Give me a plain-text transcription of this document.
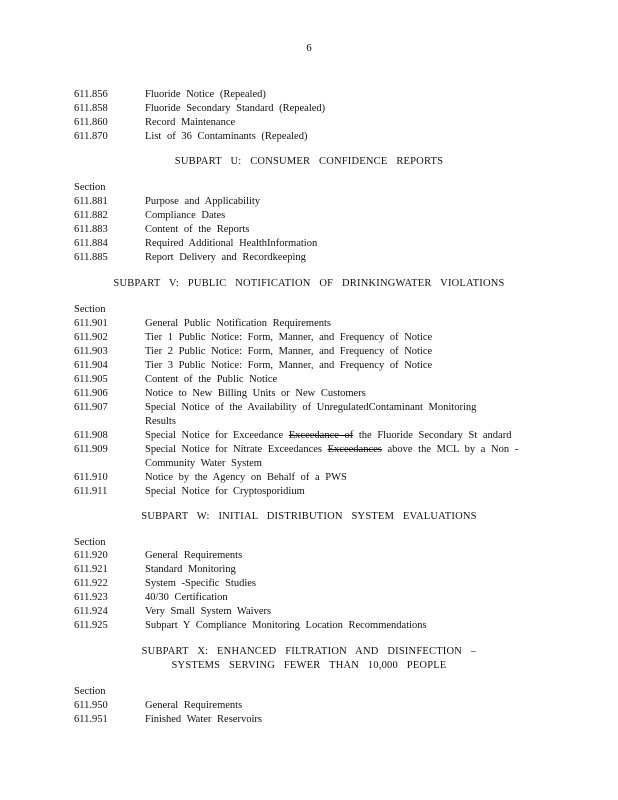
6
611.856	Fluoride Notice (Repealed)
611.858	Fluoride Secondary Standard (Repealed)
611.860	Record Maintenance
611.870	List of 36 Contaminants (Repealed)
SUBPART U: CONSUMER CONFIDENCE REPORTS
Section
611.881	Purpose and Applicability
611.882	Compliance Dates
611.883	Content of the Reports
611.884	Required Additional HealthInformation
611.885	Report Delivery and Recordkeeping
SUBPART V: PUBLIC NOTIFICATION OF DRINKINGWATER VIOLATIONS
Section
611.901	General Public Notification Requirements
611.902	Tier 1 Public Notice: Form, Manner, and Frequency of Notice
611.903	Tier 2 Public Notice: Form, Manner, and Frequency of Notice
611.904	Tier 3 Public Notice: Form, Manner, and Frequency of Notice
611.905	Content of the Public Notice
611.906	Notice to New Billing Units or New Customers
611.907	Special Notice of the Availability of UnregulatedContaminant Monitoring
Results
611.908	Special Notice for Exceedance Exceedance of the Fluoride Secondary St andard
611.909	Special Notice for Nitrate Exceedances Exceedances above the MCL by a Non -
Community Water System
611.910	Notice by the Agency on Behalf of a PWS
611.911	Special Notice for Cryptosporidium
SUBPART W: INITIAL DISTRIBUTION SYSTEM EVALUATIONS
Section
611.920	General Requirements
611.921	Standard Monitoring
611.922	System -Specific Studies
611.923	40/30 Certification
611.924	Very Small System Waivers
611.925	Subpart Y Compliance Monitoring Location Recommendations
SUBPART X: ENHANCED FILTRATION AND DISINFECTION –
SYSTEMS SERVING FEWER THAN 10,000 PEOPLE
Section
611.950	General Requirements
611.951	Finished Water Reservoirs
